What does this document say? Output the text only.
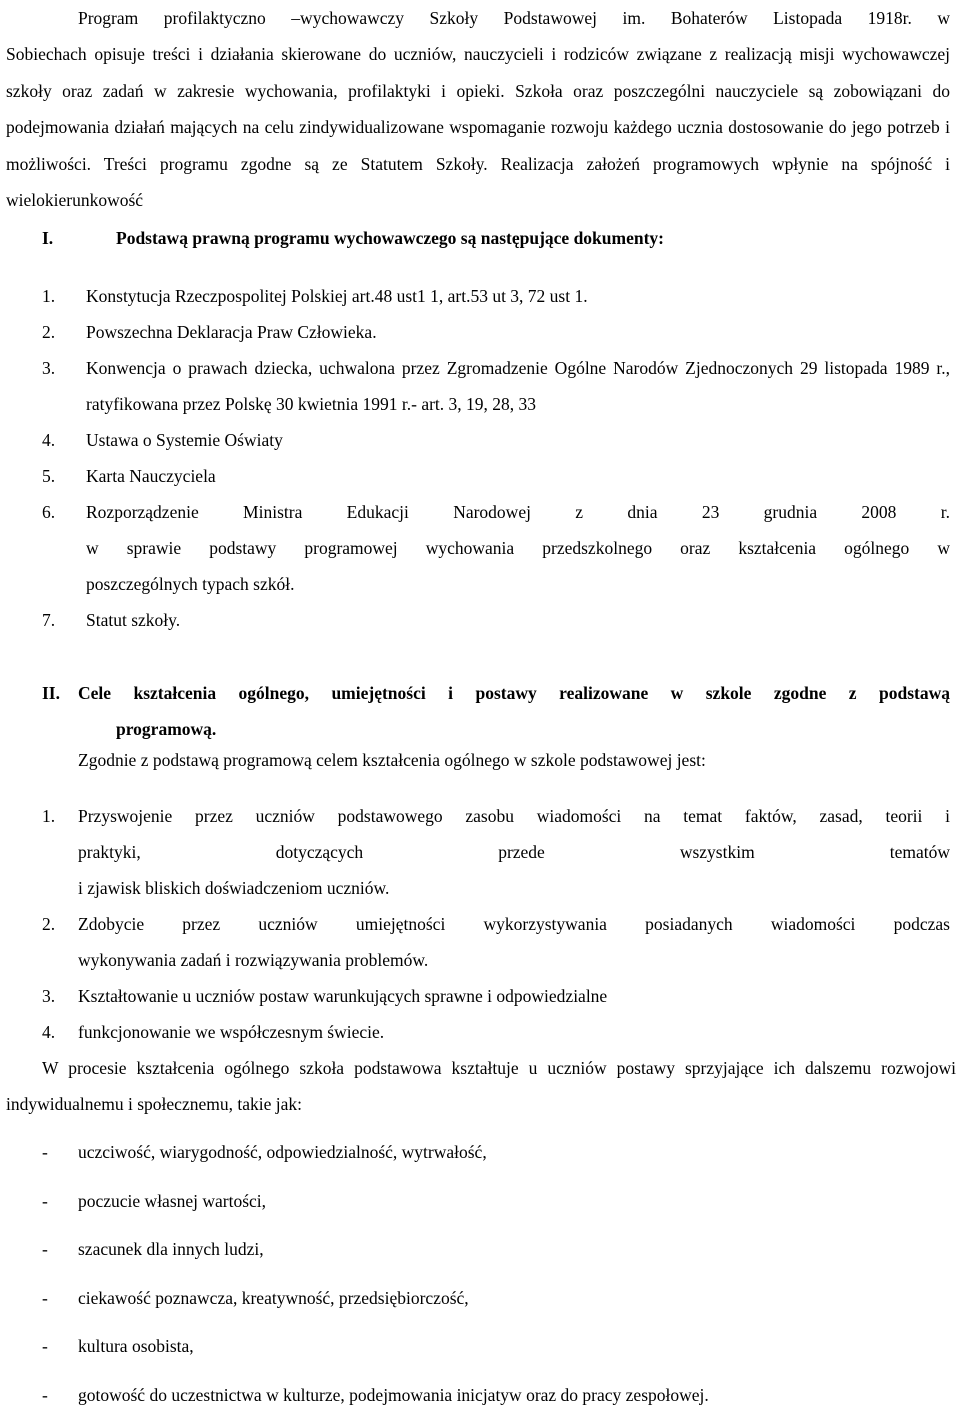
Program profilaktyczno –wychowawczy Szkoły Podstawowej im. Bohaterów Listopada 1918r. w
Sobiechach opisuje treści i działania skierowane do uczniów, nauczycieli i rodziców związane z realizacją misji wychowawczej szkoły oraz zadań w zakresie wychowania, profilaktyki i opieki. Szkoła oraz poszczególni nauczyciele są zobowiązani do podejmowania działań mających na celu zindywidualizowane wspomaganie rozwoju każdego ucznia dostosowanie do jego potrzeb i możliwości. Treści programu zgodne są ze Statutem Szkoły. Realizacja założeń programowych wpłynie na spójność i wielokierunkowość

I.	Podstawą prawną programu wychowawczego są następujące dokumenty:
1.	Konstytucja Rzeczpospolitej Polskiej art.48 ust1 1, art.53 ut 3, 72 ust 1.
2.	Powszechna Deklaracja Praw Człowieka.
3.	Konwencja o prawach dziecka, uchwalona przez Zgromadzenie Ogólne Narodów Zjednoczonych 29 listopada 1989 r., ratyfikowana przez Polskę 30 kwietnia 1991 r.- art. 3, 19, 28, 33
4.	Ustawa o Systemie Oświaty
5.	Karta Nauczyciela
6.	Rozporządzenie Ministra Edukacji Narodowej z dnia 23 grudnia 2008 r.
w sprawie podstawy programowej wychowania przedszkolnego oraz kształcenia ogólnego w
poszczególnych typach szkół.
7.	Statut szkoły.
II.	Cele kształcenia ogólnego, umiejętności i postawy realizowane w szkole zgodne z podstawą
programową.
Zgodnie z podstawą programową celem kształcenia ogólnego w szkole podstawowej jest:
1.	Przyswojenie przez uczniów podstawowego zasobu wiadomości na temat faktów, zasad, teorii i
praktyki, dotyczących przede wszystkim tematów
i zjawisk bliskich doświadczeniom uczniów.
2.	Zdobycie przez uczniów umiejętności wykorzystywania posiadanych wiadomości podczas
wykonywania zadań i rozwiązywania problemów.
3.	Kształtowanie u uczniów postaw warunkujących sprawne i odpowiedzialne
4.	funkcjonowanie we współczesnym świecie.
W procesie kształcenia ogólnego szkoła podstawowa kształtuje u uczniów postawy sprzyjające ich dalszemu rozwojowi indywidualnemu i społecznemu, takie jak:
-	uczciwość, wiarygodność, odpowiedzialność, wytrwałość,
-	poczucie własnej wartości,
-	szacunek dla innych ludzi,
-	ciekawość poznawcza, kreatywność, przedsiębiorczość,
-	kultura osobista,
-	gotowość do uczestnictwa w kulturze, podejmowania inicjatyw oraz do pracy zespołowej.
